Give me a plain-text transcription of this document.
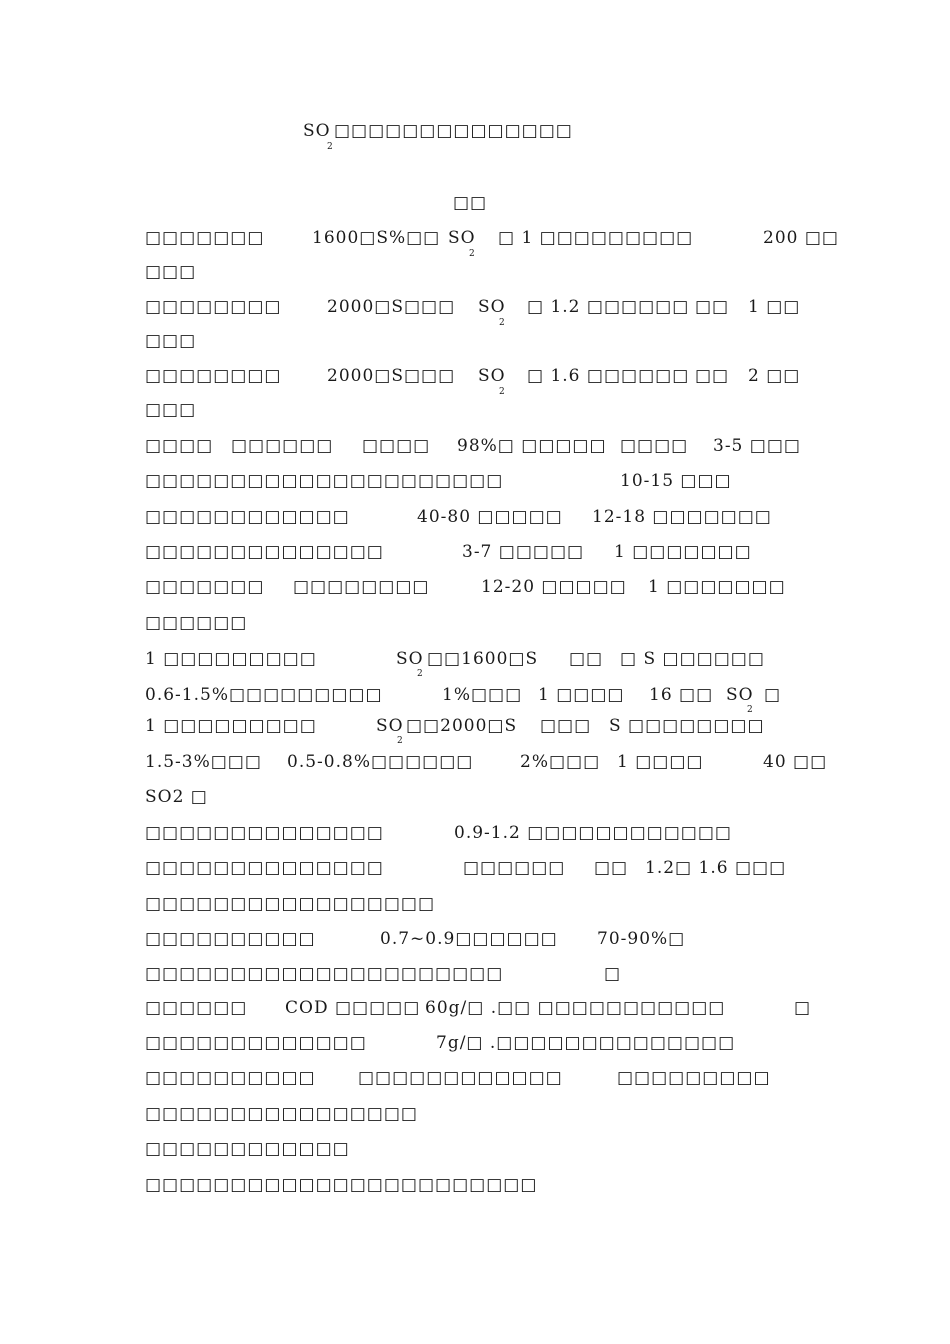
SO
2
□□□□□□□□□□□□□□
□□
□□□□□□□	1600□S%□□ SO
2
□ 1 □□□□□□□□□	200 □□
□□□
□□□□□□□□	2000□S□□□ SO
2
□ 1.2 □□□□□□ □□ 1 □□
□□□
□□□□□□□□	2000□S□□□ SO
2
□ 1.6 □□□□□□ □□ 2 □□
□□□
□□□□ □□□□□□ □□□□ 98%□ □□□□□ □□□□ 3-5 □□□
□□□□□□□□□□□□□□□□□□□□□	10-15 □□□
□□□□□□□□□□□□	40-80 □□□□□ 12-18 □□□□□□□
□□□□□□□□□□□□□□	3-7 □□□□□ 1 □□□□□□□
□□□□□□□ □□□□□□□□	12-20 □□□□□ 1 □□□□□□□
□□□□□□
1 □□□□□□□□□	SO
2
□□1600□S □□ □ S □□□□□□
0.6-1.5%□□□□□□□□□	1%□□□ 1 □□□□ 16 □□ SO
2
□
1 □□□□□□□□□	SO
2
□□2000□S □□□ S □□□□□□□□
1.5-3%□□□ 0.5-0.8%□□□□□□	2%□□□ 1 □□□□	40 □□
SO2 □
□□□□□□□□□□□□□□	0.9-1.2 □□□□□□□□□□□□
□□□□□□□□□□□□□□	□□□□□□ □□ 1.2□ 1.6 □□□
□□□□□□□□□□□□□□□□□
□□□□□□□□□□	0.7~0.9□□□□□□ 70-90%□
□□□□□□□□□□□□□□□□□□□□□	□
□□□□□□ COD □□□□□ 60g/□ .□□ □□□□□□□□□□□	□
□□□□□□□□□□□□□	7g/□ .□□□□□□□□□□□□□□
□□□□□□□□□□ □□□□□□□□□□□□	□□□□□□□□□
□□□□□□□□□□□□□□□□
□□□□□□□□□□□□
□□□□□□□□□□□□□□□□□□□□□□□
